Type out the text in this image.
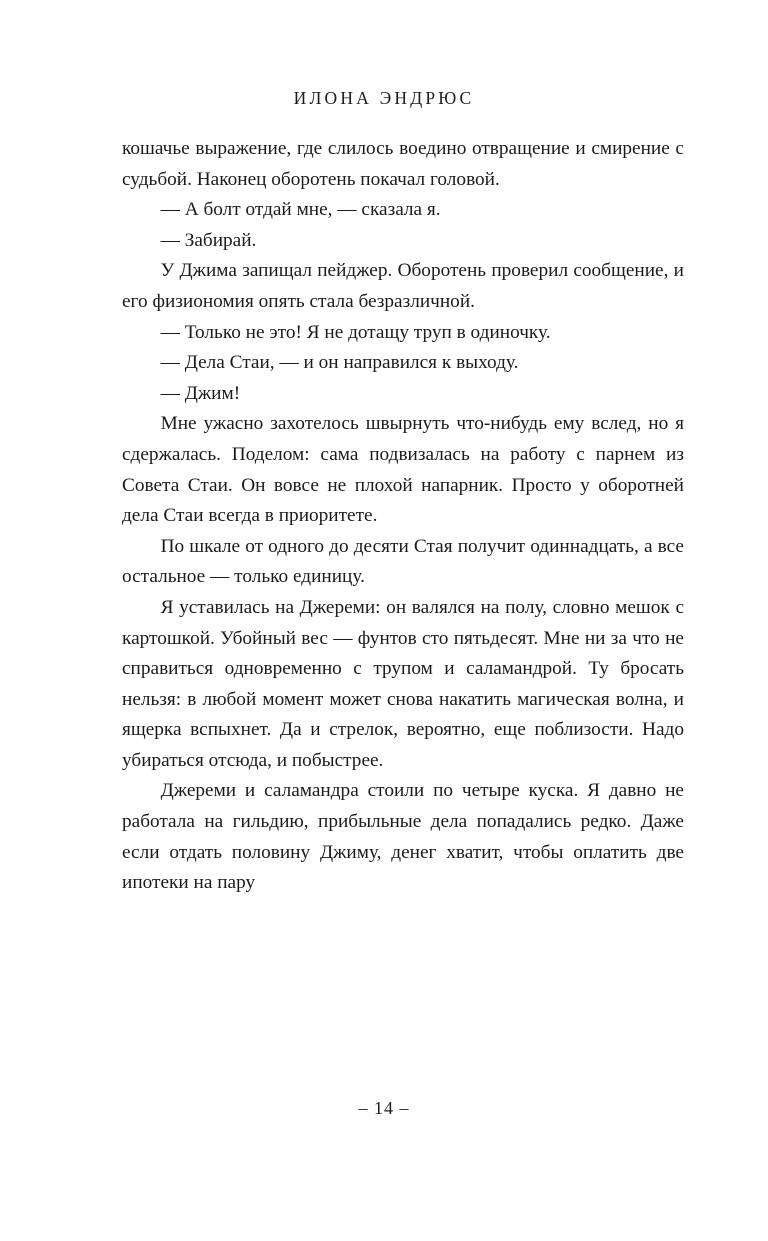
ИЛОНА ЭНДРЮС

кошачье выражение, где слилось воедино отвращение и смирение с судьбой. Наконец оборотень покачал головой.

— А болт отдай мне, — сказала я.

— Забирай.

У Джима запищал пейджер. Оборотень проверил сообщение, и его физиономия опять стала безразличной.

— Только не это! Я не дотащу труп в одиночку.

— Дела Стаи, — и он направился к выходу.

— Джим!

Мне ужасно захотелось швырнуть что-нибудь ему вслед, но я сдержалась. Поделом: сама подвизалась на работу с парнем из Совета Стаи. Он вовсе не плохой напарник. Просто у оборотней дела Стаи всегда в приоритете.

По шкале от одного до десяти Стая получит одиннадцать, а все остальное — только единицу.

Я уставилась на Джереми: он валялся на полу, словно мешок с картошкой. Убойный вес — фунтов сто пятьдесят. Мне ни за что не справиться одновременно с трупом и саламандрой. Ту бросать нельзя: в любой момент может снова накатить магическая волна, и ящерка вспыхнет. Да и стрелок, вероятно, еще поблизости. Надо убираться отсюда, и побыстрее.

Джереми и саламандра стоили по четыре куска. Я давно не работала на гильдию, прибыльные дела попадались редко. Даже если отдать половину Джиму, денег хватит, чтобы оплатить две ипотеки на пару

– 14 –
